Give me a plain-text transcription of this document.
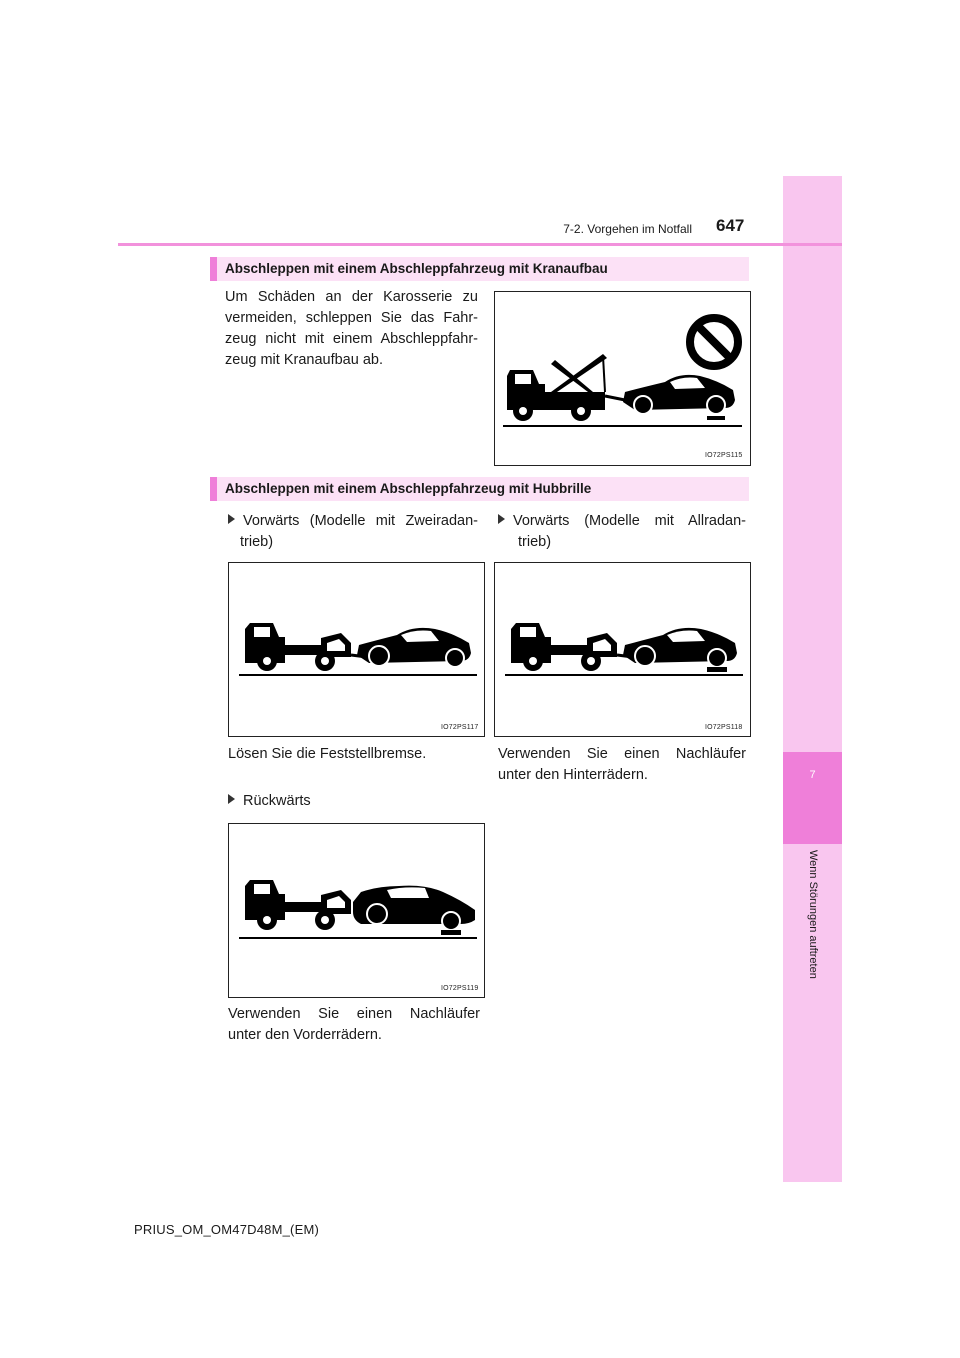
7
Wenn Störungen auftreten
7-2. Vorgehen im Notfall 647
Abschleppen mit einem Abschleppfahrzeug mit Kranaufbau
Um Schäden an der Karosserie zu
vermeiden, schleppen Sie das Fahr-
zeug nicht mit einem Abschleppfahr-
zeug mit Kranaufbau ab.
IO72PS115
Abschleppen mit einem Abschleppfahrzeug mit Hubbrille
Vorwärts (Modelle mit Zweiradan-
trieb)
Vorwärts (Modelle mit Allradan-
trieb)
IO72PS117	IO72PS118
Lösen Sie die Feststellbremse.	Verwenden Sie einen Nachläufer
unter den Hinterrädern.
Rückwärts
IO72PS119
Verwenden Sie einen Nachläufer
unter den Vorderrädern.
PRIUS_OM_OM47D48M_(EM)
